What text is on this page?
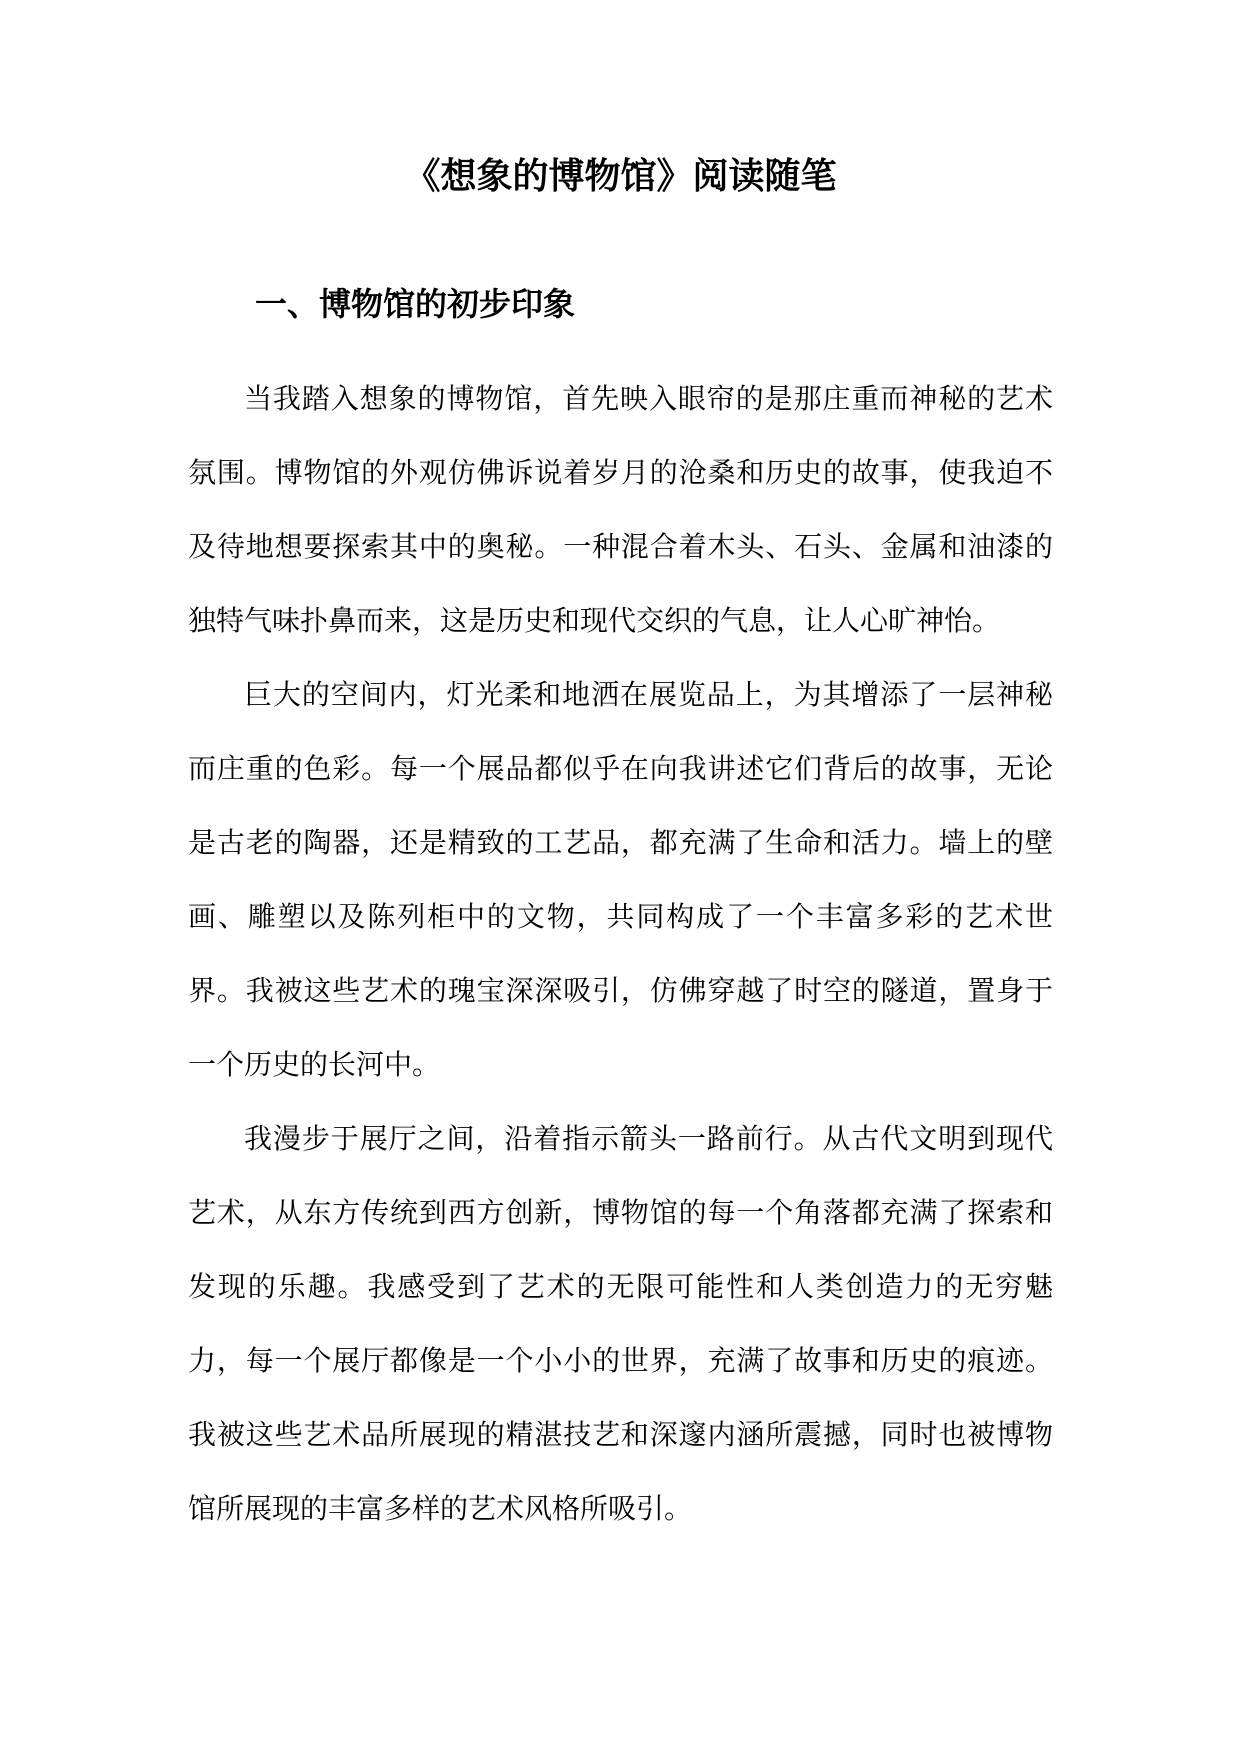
《想象的博物馆》阅读随笔
一、博物馆的初步印象

当我踏入想象的博物馆，首先映入眼帘的是那庄重而神秘的艺术氛围。博物馆的外观仿佛诉说着岁月的沧桑和历史的故事，使我迫不及待地想要探索其中的奥秘。一种混合着木头、石头、金属和油漆的独特气味扑鼻而来，这是历史和现代交织的气息，让人心旷神怡。

巨大的空间内，灯光柔和地洒在展览品上，为其增添了一层神秘而庄重的色彩。每一个展品都似乎在向我讲述它们背后的故事，无论是古老的陶器，还是精致的工艺品，都充满了生命和活力。墙上的壁画、雕塑以及陈列柜中的文物，共同构成了一个丰富多彩的艺术世界。我被这些艺术的瑰宝深深吸引，仿佛穿越了时空的隧道，置身于一个历史的长河中。

我漫步于展厅之间，沿着指示箭头一路前行。从古代文明到现代艺术，从东方传统到西方创新，博物馆的每一个角落都充满了探索和发现的乐趣。我感受到了艺术的无限可能性和人类创造力的无穷魅力，每一个展厅都像是一个小小的世界，充满了故事和历史的痕迹。我被这些艺术品所展现的精湛技艺和深邃内涵所震撼，同时也被博物馆所展现的丰富多样的艺术风格所吸引。
